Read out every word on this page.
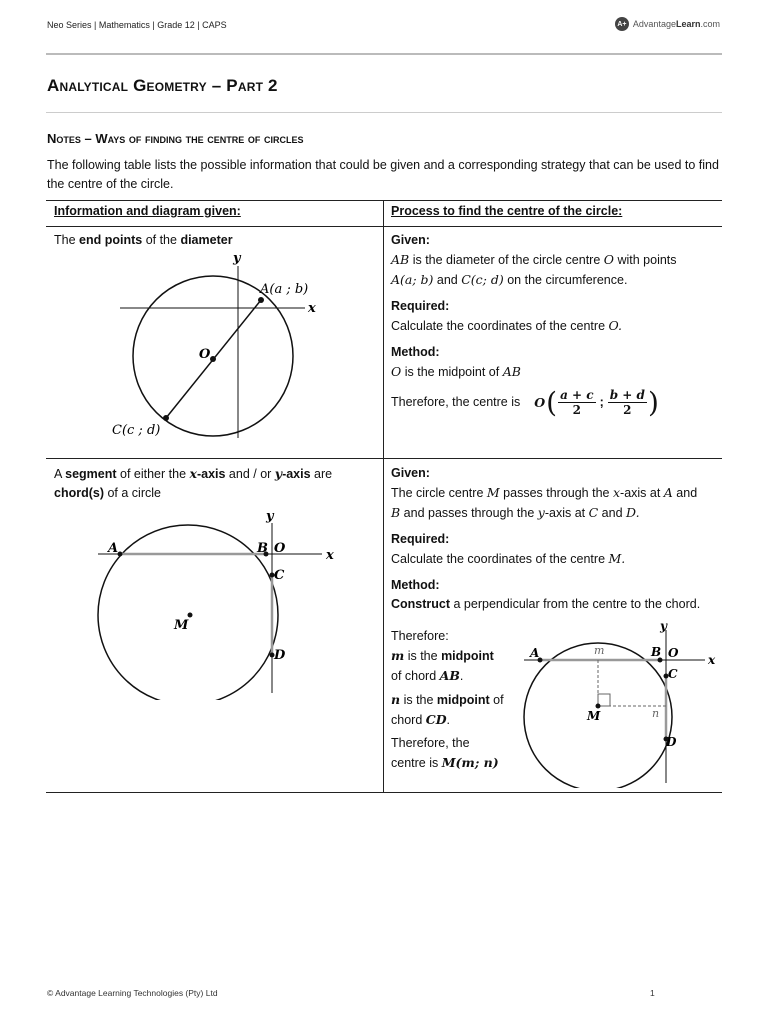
Neo Series | Mathematics | Grade 12 | CAPS	A+ AdvantageLearn.com
Analytical Geometry – Part 2
Notes – Ways of finding the centre of circles
The following table lists the possible information that could be given and a corresponding strategy that can be used to find the centre of the circle.
Information and diagram given:	Process to find the centre of the circle:
The end points of the diameter
y
x
O
A(a ; b)
C(c ; d)
Given:
AB is the diameter of the circle centre O with points
A(a; b) and C(c; d) on the circumference.
Required:
Calculate the coordinates of the centre O.
Method:
O is the midpoint of AB
Therefore, the centre is O ( $\frac{a + c}{2}$ ; $\frac{b + d}{2}$ )
A segment of either the x-axis and / or y-axis are
chord(s) of a circle
y
x
A	B O
C
D
M
Given:
The circle centre M passes through the x-axis at A and
B and passes through the y-axis at C and D.
Required:
Calculate the coordinates of the centre M.
Method:
Construct a perpendicular from the centre to the chord.
Therefore:
m is the midpoint
of chord AB.
n is the midpoint of
chord CD.
Therefore, the
centre is M(m; n)
y
x
A	m	B O
C
M	n
D
© Advantage Learning Technologies (Pty) Ltd	1
